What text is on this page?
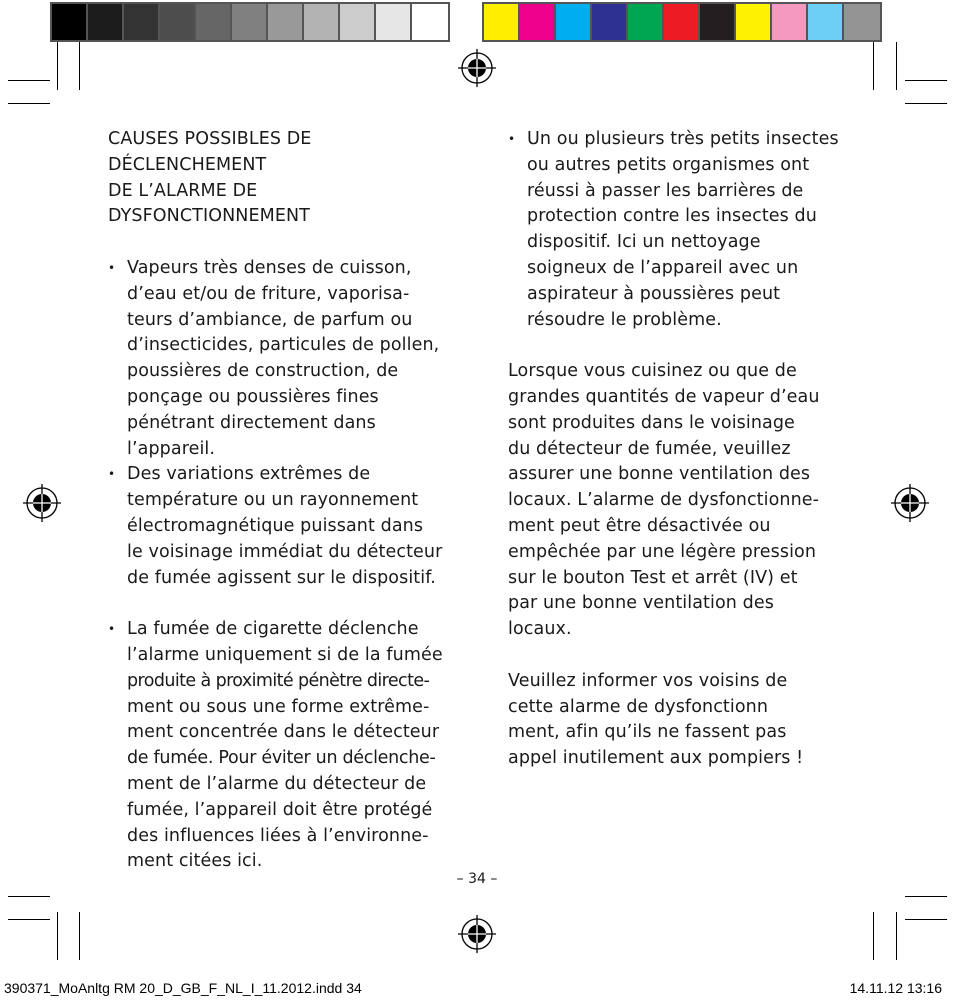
CAUSES POSSIBLES DE DÉCLENCHEMENT
DE L’ALARME DE DYSFONCTIONNEMENT

• Vapeurs très denses de cuisson,
d’eau et/ou de friture, vaporisa-
teurs d’ambiance, de parfum ou
d’insecticides, particules de pollen,
poussières de construction, de
ponçage ou poussières fines
pénétrant directement dans
l’appareil.

• Des variations extrêmes de
température ou un rayonnement
électromagnétique puissant dans
le voisinage immédiat du détecteur
de fumée agissent sur le dispositif.

• La fumée de cigarette déclenche
l’alarme uniquement si de la fumée
produite à proximité pénètre directe-
ment ou sous une forme extrême-
ment concentrée dans le détecteur
de fumée. Pour éviter un déclenche-
ment de l’alarme du détecteur de
fumée, l’appareil doit être protégé
des influences liées à l’environne-
ment citées ici.

• Un ou plusieurs très petits insectes
ou autres petits organismes ont
réussi à passer les barrières de
protection contre les insectes du
dispositif. Ici un nettoyage
soigneux de l’appareil avec un
aspirateur à poussières peut
résoudre le problème.

Lorsque vous cuisinez ou que de
grandes quantités de vapeur d’eau
sont produites dans le voisinage
du détecteur de fumée, veuillez
assurer une bonne ventilation des
locaux. L’alarme de dysfonctionne-
ment peut être désactivée ou
empêchée par une légère pression
sur le bouton Test et arrêt (IV) et
par une bonne ventilation des
locaux.

Veuillez informer vos voisins de
cette alarme de dysfonctionn
ment, afin qu’ils ne fassent pas
appel inutilement aux pompiers !

– 34 –
390371_MoAnltg RM 20_D_GB_F_NL_I_11.2012.indd 34	14.11.12 13:16
